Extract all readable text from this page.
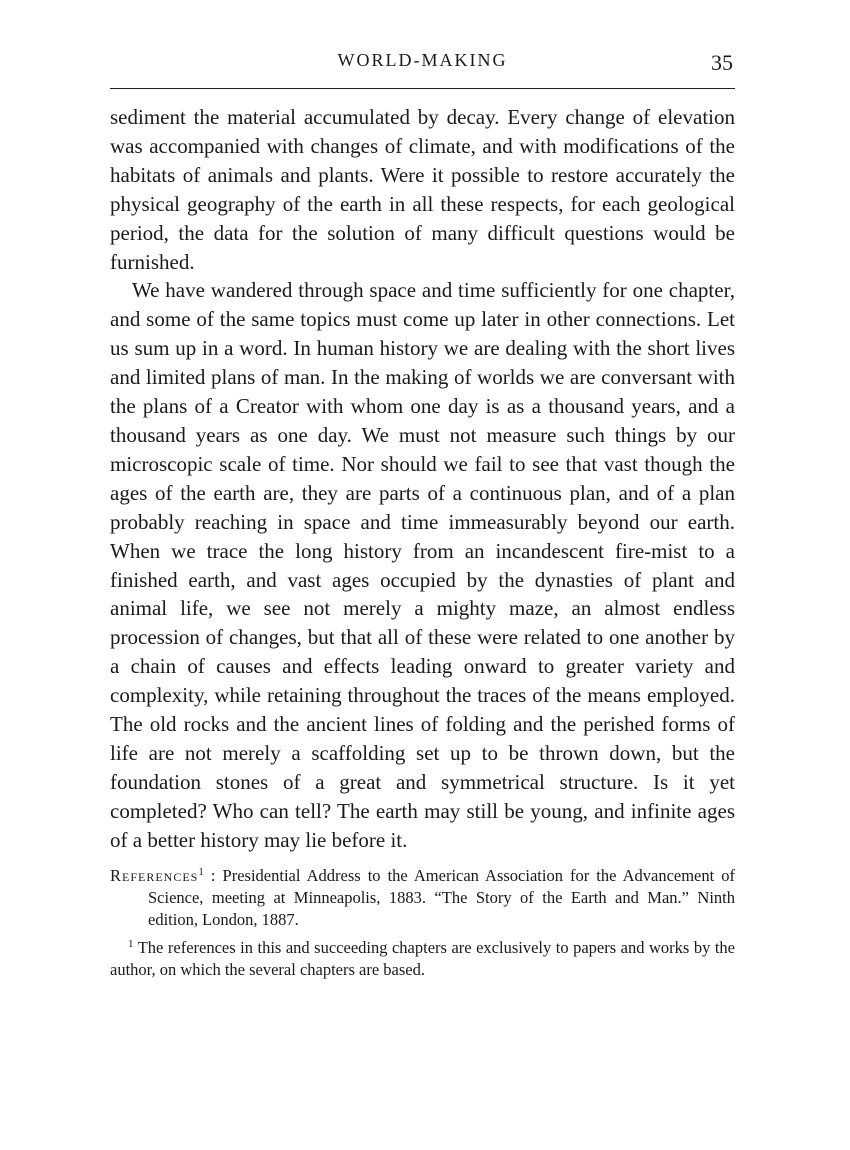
WORLD-MAKING	35

sediment the material accumulated by decay. Every change of elevation was accompanied with changes of climate, and with modifications of the habitats of animals and plants. Were it possible to restore accurately the physical geography of the earth in all these respects, for each geological period, the data for the solution of many difficult questions would be furnished.

We have wandered through space and time sufficiently for one chapter, and some of the same topics must come up later in other connections. Let us sum up in a word. In human history we are dealing with the short lives and limited plans of man. In the making of worlds we are conversant with the plans of a Creator with whom one day is as a thousand years, and a thousand years as one day. We must not measure such things by our microscopic scale of time. Nor should we fail to see that vast though the ages of the earth are, they are parts of a continuous plan, and of a plan probably reaching in space and time immeasurably beyond our earth. When we trace the long history from an incandescent fire-mist to a finished earth, and vast ages occupied by the dynasties of plant and animal life, we see not merely a mighty maze, an almost endless procession of changes, but that all of these were related to one another by a chain of causes and effects leading onward to greater variety and complexity, while retaining throughout the traces of the means employed. The old rocks and the ancient lines of folding and the perished forms of life are not merely a scaffolding set up to be thrown down, but the foundation stones of a great and symmetrical structure. Is it yet completed? Who can tell? The earth may still be young, and infinite ages of a better history may lie before it.

References$^1$ : Presidential Address to the American Association for the Advancement of Science, meeting at Minneapolis, 1883. “The Story of the Earth and Man.” Ninth edition, London, 1887.

$^1$ The references in this and succeeding chapters are exclusively to papers and works by the author, on which the several chapters are based.
